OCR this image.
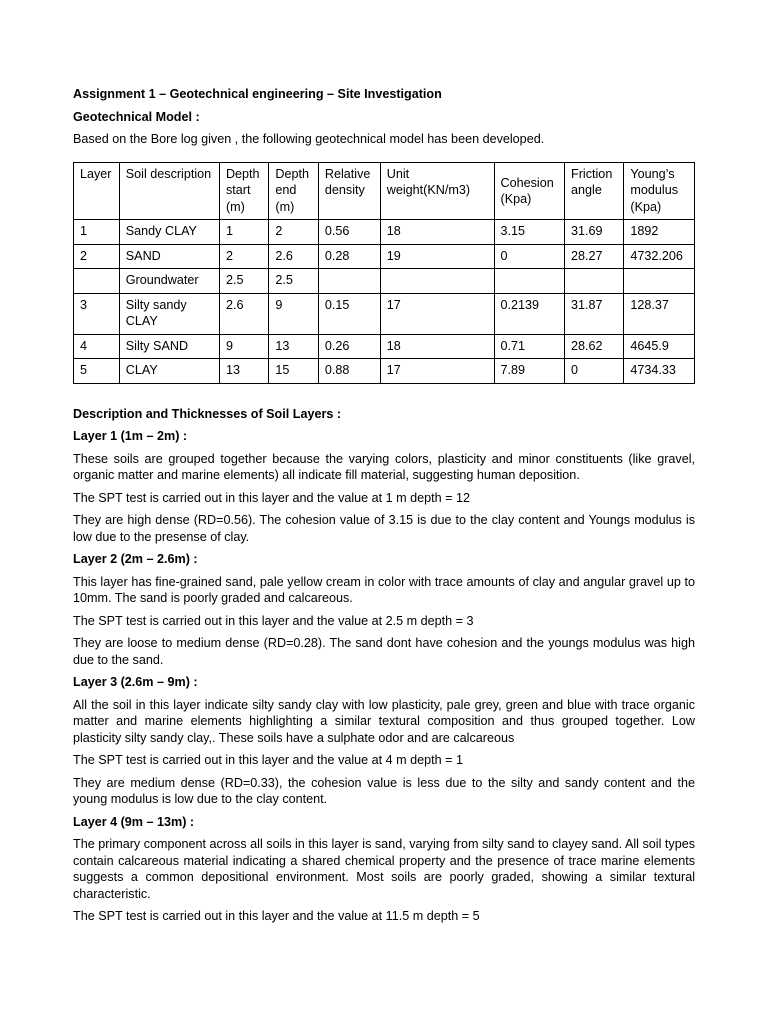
Assignment 1 – Geotechnical engineering – Site Investigation

Geotechnical Model :

Based on the Bore log given , the following geotechnical model has been developed.

Layer	Soil description	Depth start (m)	Depth end (m)	Relative density	Unit weight(KN/m3)	Cohesion (Kpa)	Friction angle	Young’s modulus (Kpa)
1	Sandy CLAY	1	2	0.56	18	3.15	31.69	1892
2	SAND	2	2.6	0.28	19	0	28.27	4732.206
	Groundwater	2.5	2.5					
3	Silty sandy CLAY	2.6	9	0.15	17	0.2139	31.87	128.37
4	Silty SAND	9	13	0.26	18	0.71	28.62	4645.9
5	CLAY	13	15	0.88	17	7.89	0	4734.33

Description and Thicknesses of Soil Layers :

Layer 1 (1m – 2m) :

These soils are grouped together because the varying colors, plasticity and minor constituents (like gravel, organic matter and marine elements) all indicate fill material, suggesting human deposition.

The SPT test is carried out in this layer and the value at 1 m depth = 12

They are high dense (RD=0.56). The cohesion value of 3.15 is due to the clay content and Youngs modulus is low due to the presense of clay.

Layer 2 (2m – 2.6m) :

This layer has fine-grained sand, pale yellow cream in color with trace amounts of clay and angular gravel up to 10mm. The sand is poorly graded and calcareous.

The SPT test is carried out in this layer and the value at 2.5 m depth = 3

They are loose to medium dense (RD=0.28). The sand dont have cohesion and the youngs modulus was high due to the sand.

Layer 3 (2.6m – 9m) :

All the soil in this layer indicate silty sandy clay with low plasticity, pale grey, green and blue with trace organic matter and marine elements highlighting a similar textural composition and thus grouped together. Low plasticity silty sandy clay,. These soils have a sulphate odor and are calcareous

The SPT test is carried out in this layer and the value at 4 m depth = 1

They are medium dense (RD=0.33), the cohesion value is less due to the silty and sandy content and the young modulus is low due to the clay content.

Layer 4 (9m – 13m) :

The primary component across all soils in this layer is sand, varying from silty sand to clayey sand. All soil types contain calcareous material indicating a shared chemical property and the presence of trace marine elements suggests a common depositional environment. Most soils are poorly graded, showing a similar textural characteristic.

The SPT test is carried out in this layer and the value at 11.5 m depth = 5
